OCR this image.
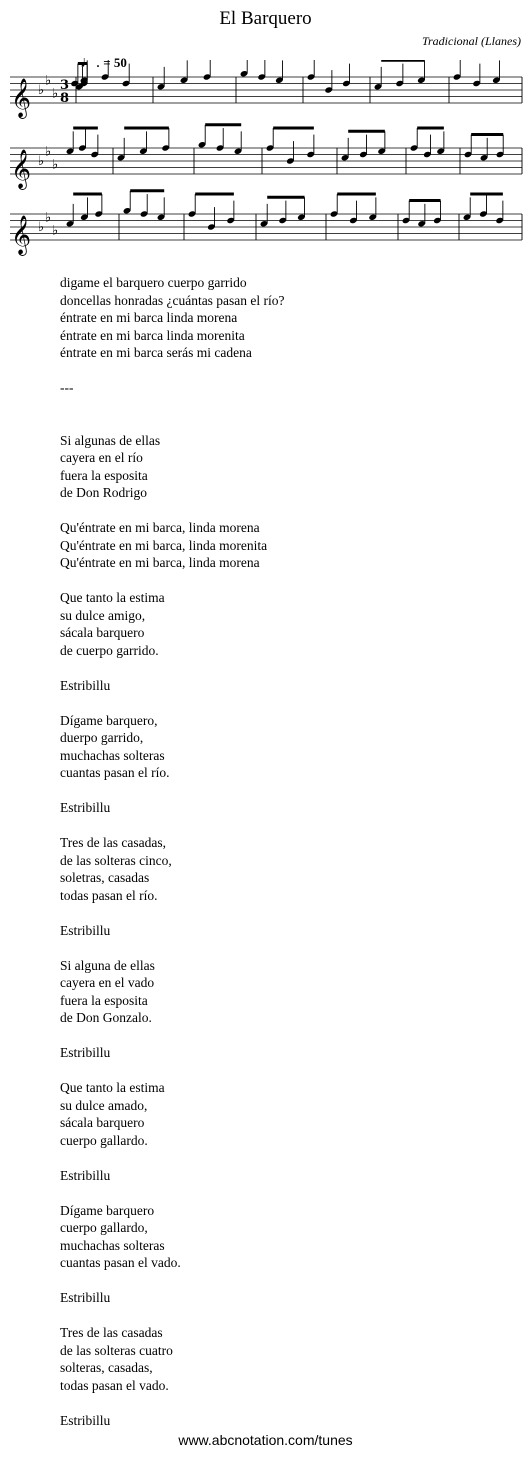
El Barquero
Tradicional (Llanes)
♩. = 50
𝄞 ♭
♭
♭
3
8
𝄞 ♭
♭
♭
𝄞 ♭
♭
♭
digame el barquero cuerpo garrido
doncellas honradas ¿cuántas pasan el río?
éntrate en mi barca linda morena
éntrate en mi barca linda morenita
éntrate en mi barca serás mi cadena
---
Si algunas de ellas
cayera en el río
fuera la esposita
de Don Rodrigo
Qu'éntrate en mi barca, linda morena
Qu'éntrate en mi barca, linda morenita
Qu'éntrate en mi barca, linda morena
Que tanto la estima
su dulce amigo,
sácala barquero
de cuerpo garrido.
Estribillu
Dígame barquero,
duerpo garrido,
muchachas solteras
cuantas pasan el río.
Estribillu
Tres de las casadas,
de las solteras cinco,
soletras, casadas
todas pasan el río.
Estribillu
Si alguna de ellas
cayera en el vado
fuera la esposita
de Don Gonzalo.
Estribillu
Que tanto la estima
su dulce amado,
sácala barquero
cuerpo gallardo.
Estribillu
Dígame barquero
cuerpo gallardo,
muchachas solteras
cuantas pasan el vado.
Estribillu
Tres de las casadas
de las solteras cuatro
solteras, casadas,
todas pasan el vado.
Estribillu
www.abcnotation.com/tunes
